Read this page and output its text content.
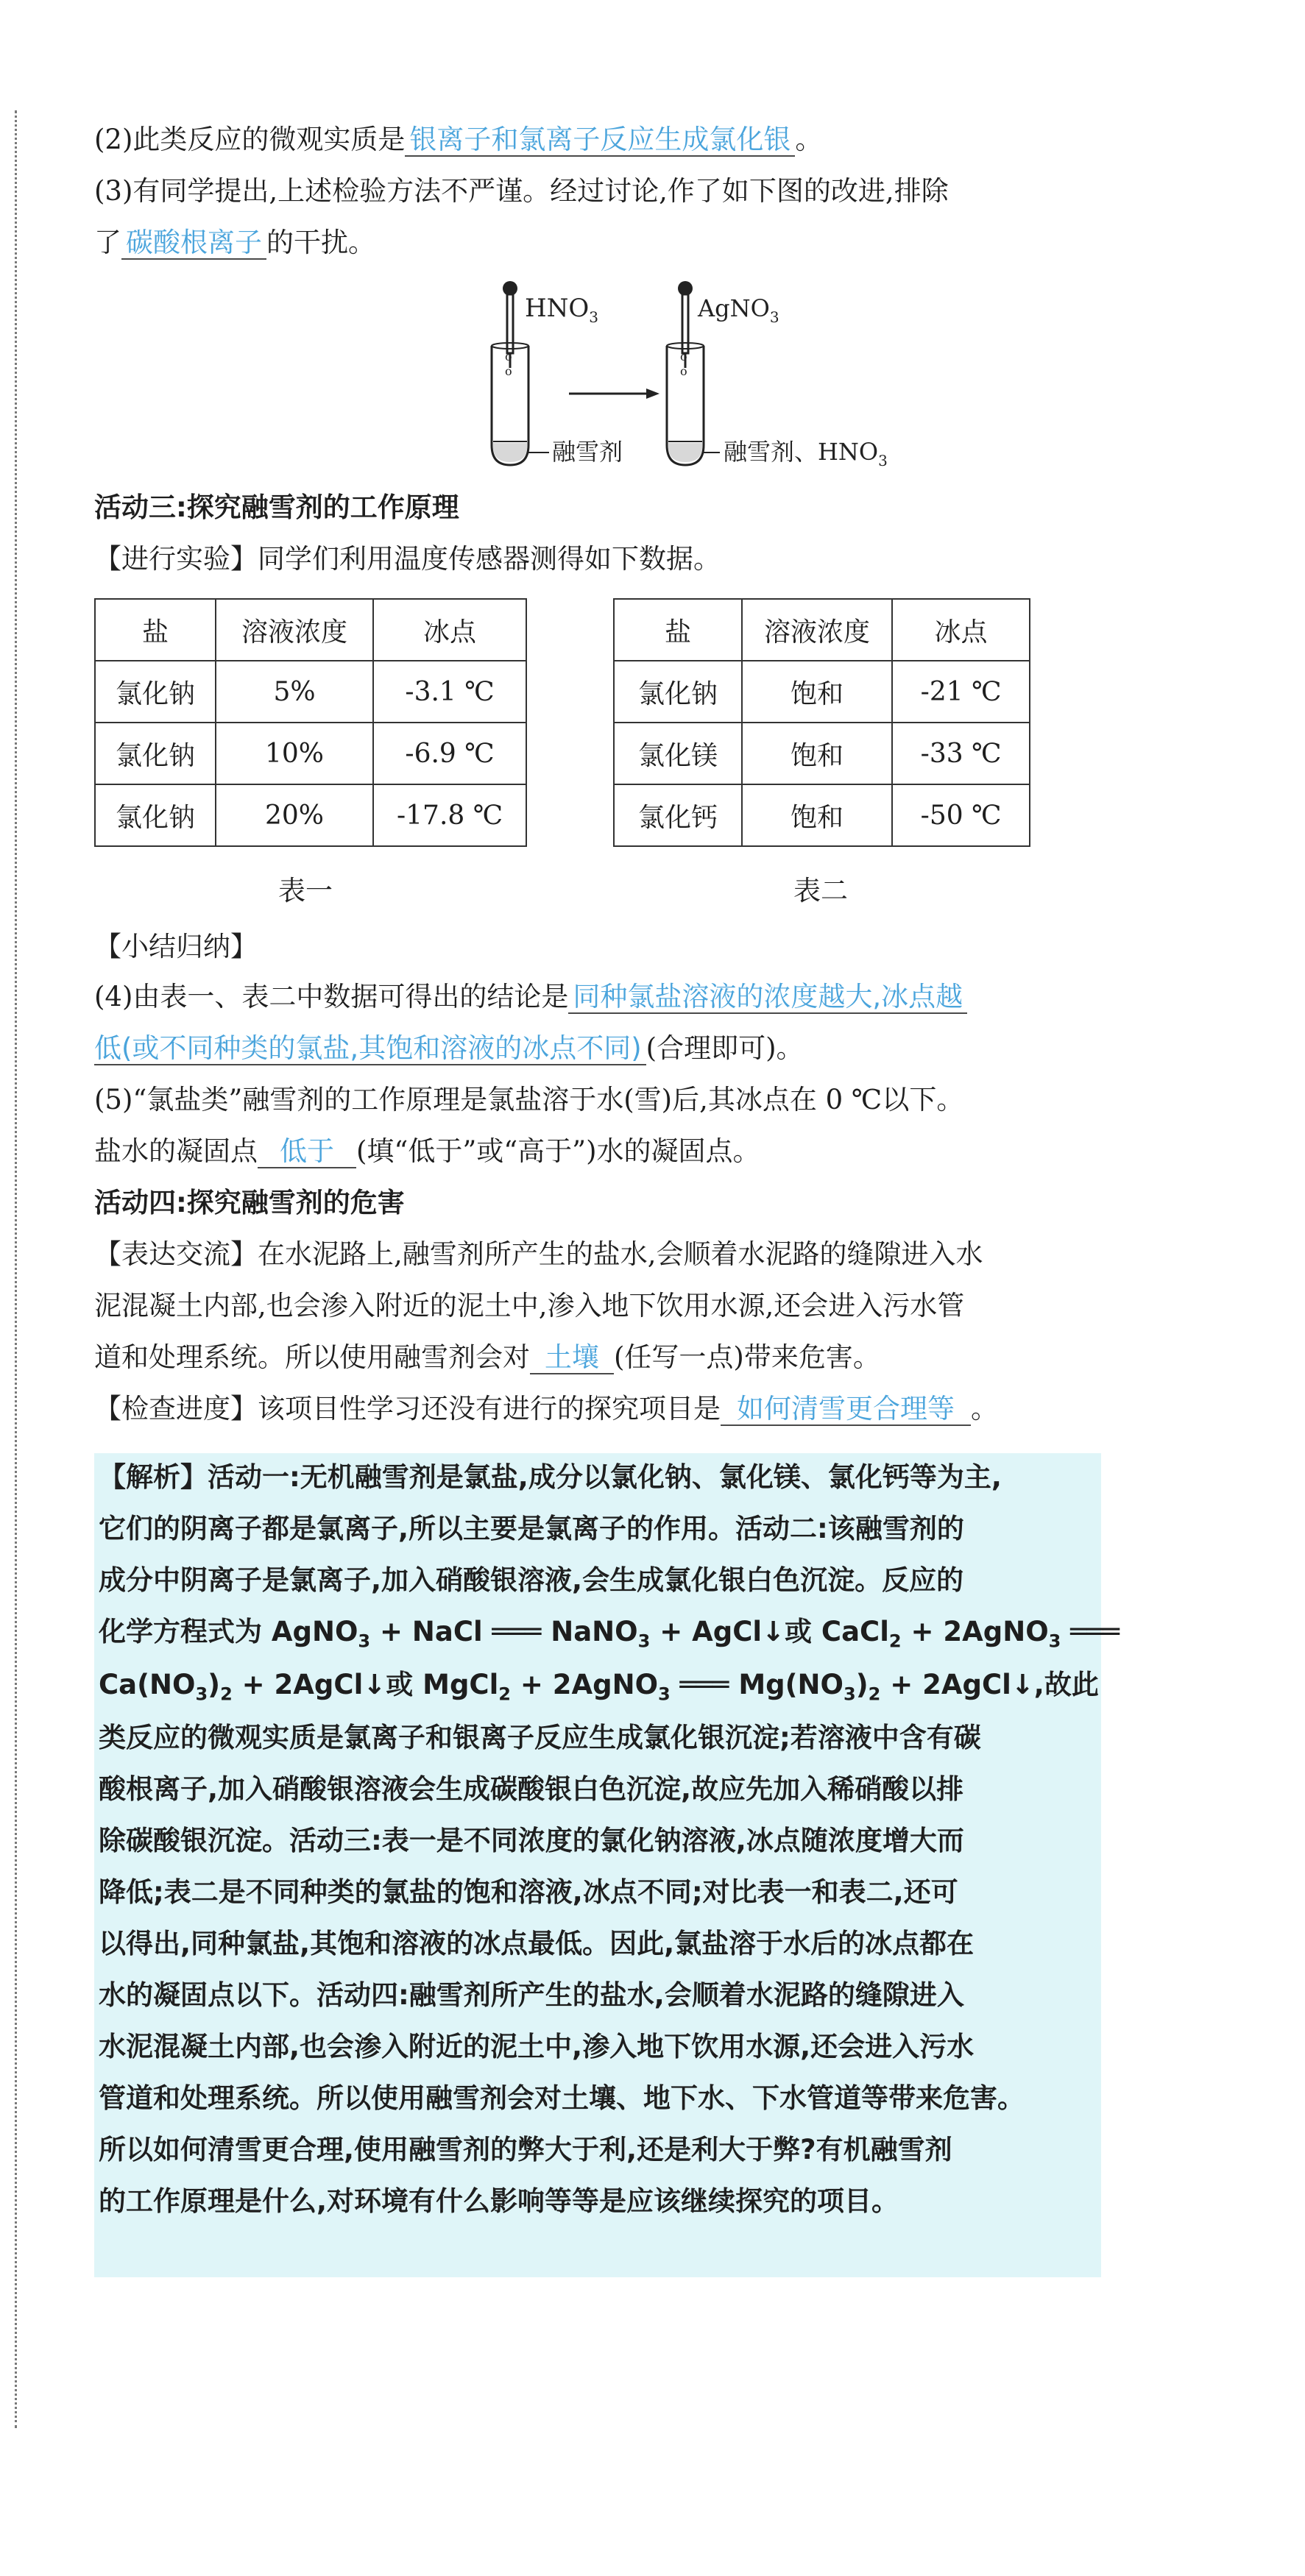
(2)此类反应的微观实质是 银离子和氯离子反应生成氯化银 。
(3)有同学提出,上述检验方法不严谨。经过讨论,作了如下图的改进,排除
了 碳酸根离子 的干扰。
o
o
$HNO_3$
融雪剂
o
o
AgNO$_3$
融雪剂、$HNO_3$
活动三:探究融雪剂的工作原理
【进行实验】同学们利用温度传感器测得如下数据。
盐	溶液浓度	冰点
氯化钠	5%	-3.1 ℃
氯化钠	10%	-6.9 ℃
氯化钠	20%	-17.8 ℃
表一
盐	溶液浓度	冰点
氯化钠	饱和	-21 ℃
氯化镁	饱和	-33 ℃
氯化钙	饱和	-50 ℃
表二
【小结归纳】
(4)由表一、表二中数据可得出的结论是 同种氯盐溶液的浓度越大,冰点越
低(或不同种类的氯盐,其饱和溶液的冰点不同) (合理即可)。
(5)“氯盐类”融雪剂的工作原理是氯盐溶于水(雪)后,其冰点在 0 ℃以下。
盐水的凝固点 低于 (填“低于”或“高于”)水的凝固点。
活动四:探究融雪剂的危害
【表达交流】在水泥路上,融雪剂所产生的盐水,会顺着水泥路的缝隙进入水
泥混凝土内部,也会渗入附近的泥土中,渗入地下饮用水源,还会进入污水管
道和处理系统。所以使用融雪剂会对 土壤 (任写一点)带来危害。
【检查进度】该项目性学习还没有进行的探究项目是 如何清雪更合理等 。
【解析】活动一:无机融雪剂是氯盐,成分以氯化钠、氯化镁、氯化钙等为主,
它们的阴离子都是氯离子,所以主要是氯离子的作用。活动二:该融雪剂的
成分中阴离子是氯离子,加入硝酸银溶液,会生成氯化银白色沉淀。反应的
化学方程式为 AgNO$_3$ + NaCl ═══ NaNO$_3$ + AgCl↓或 CaCl$_2$ + 2AgNO$_3$ ═══
$Ca(NO_3)_2$ + 2AgCl↓或 MgCl$_2$ + 2AgNO$_3$ ═══ $Mg(NO_3)_2$ + 2AgCl↓,故此
类反应的微观实质是氯离子和银离子反应生成氯化银沉淀;若溶液中含有碳
酸根离子,加入硝酸银溶液会生成碳酸银白色沉淀,故应先加入稀硝酸以排
除碳酸银沉淀。活动三:表一是不同浓度的氯化钠溶液,冰点随浓度增大而
降低;表二是不同种类的氯盐的饱和溶液,冰点不同;对比表一和表二,还可
以得出,同种氯盐,其饱和溶液的冰点最低。因此,氯盐溶于水后的冰点都在
水的凝固点以下。活动四:融雪剂所产生的盐水,会顺着水泥路的缝隙进入
水泥混凝土内部,也会渗入附近的泥土中,渗入地下饮用水源,还会进入污水
管道和处理系统。所以使用融雪剂会对土壤、地下水、下水管道等带来危害。
所以如何清雪更合理,使用融雪剂的弊大于利,还是利大于弊?有机融雪剂
的工作原理是什么,对环境有什么影响等等是应该继续探究的项目。
